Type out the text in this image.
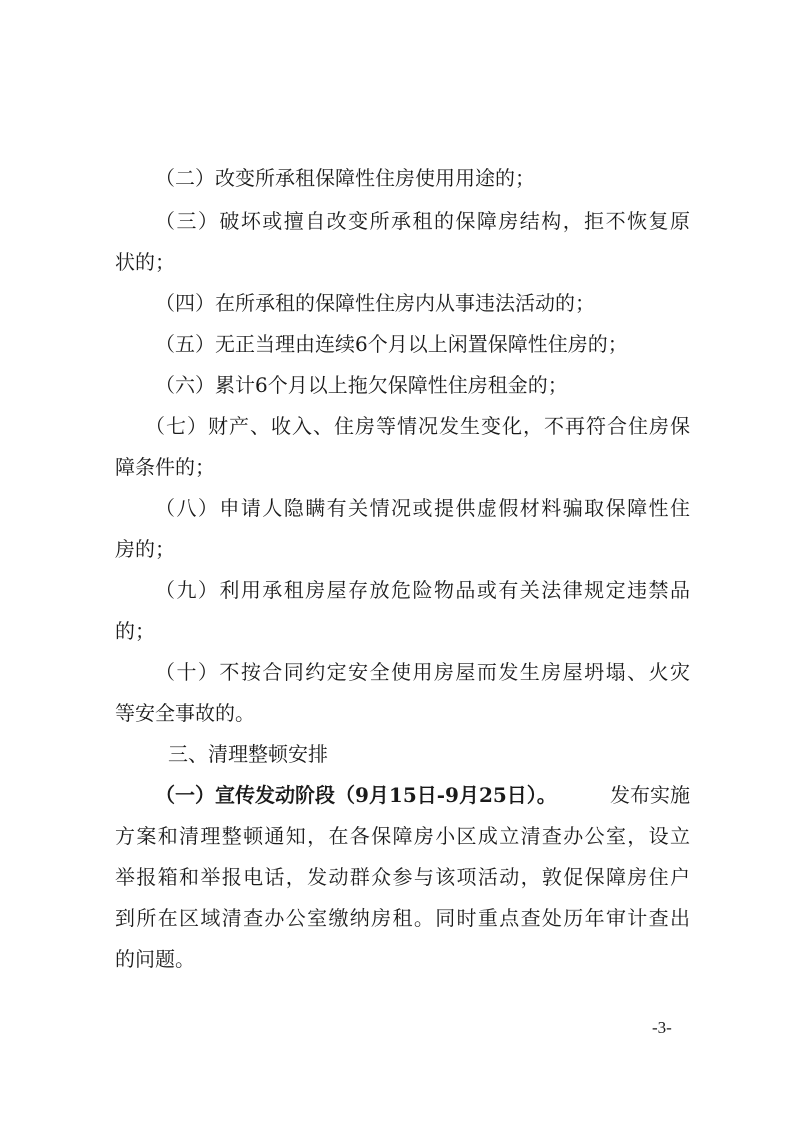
（二）改变所承租保障性住房使用用途的；
（三）破坏或擅自改变所承租的保障房结构，拒不恢复原
状的；
（四）在所承租的保障性住房内从事违法活动的；
（五）无正当理由连续6个月以上闲置保障性住房的；
（六）累计6个月以上拖欠保障性住房租金的；
（七）财产、收入、住房等情况发生变化，不再符合住房保
障条件的；
（八）申请人隐瞒有关情况或提供虚假材料骗取保障性住
房的；
（九）利用承租房屋存放危险物品或有关法律规定违禁品
的；
（十）不按合同约定安全使用房屋而发生房屋坍塌、火灾
等安全事故的。
三、清理整顿安排
（一）宣传发动阶段（9月15日-9月25日）。	发布实施
方案和清理整顿通知，在各保障房小区成立清查办公室，设立
举报箱和举报电话，发动群众参与该项活动，敦促保障房住户
到所在区域清查办公室缴纳房租。同时重点查处历年审计查出
的问题。
-3-
